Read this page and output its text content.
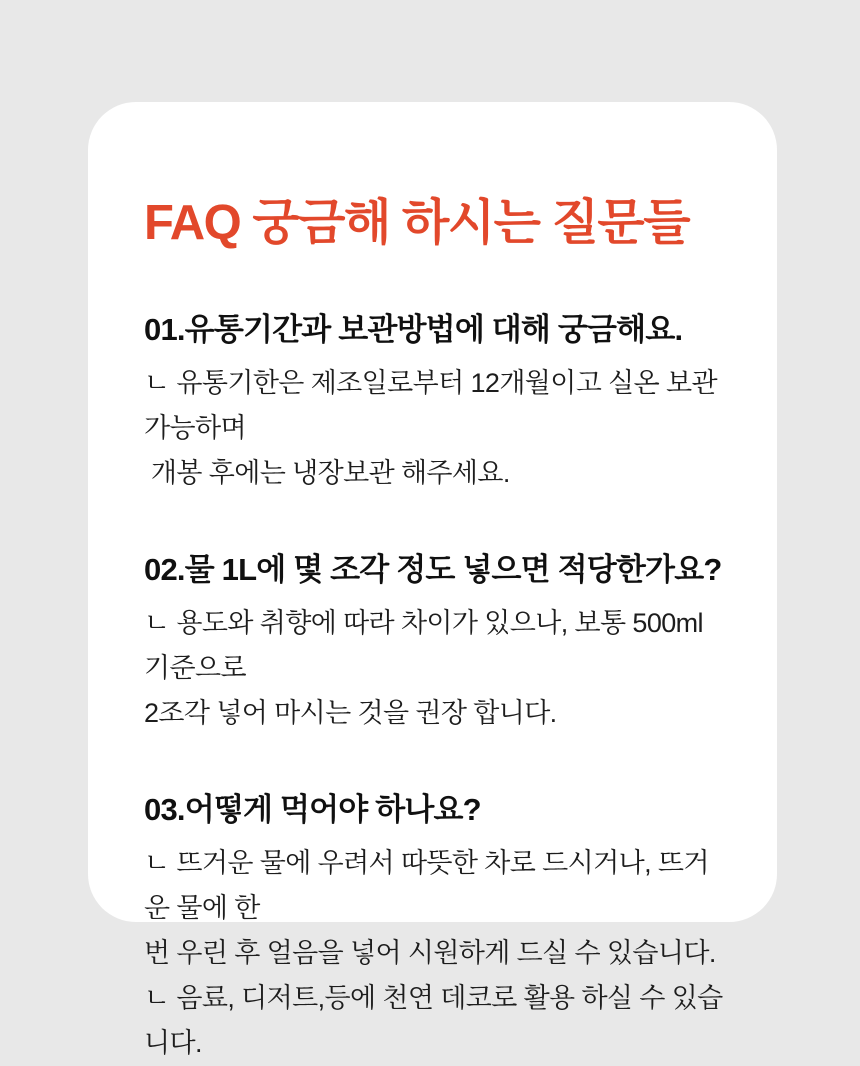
FAQ 궁금해 하시는 질문들
01.유통기간과 보관방법에 대해 궁금해요.
ㄴ 유통기한은 제조일로부터 12개월이고 실온 보관 가능하며
개봉 후에는 냉장보관 해주세요.
02.물 1L에 몇 조각 정도 넣으면 적당한가요?
ㄴ 용도와 취향에 따라 차이가 있으나, 보통 500ml 기준으로
2조각 넣어 마시는 것을 권장 합니다.
03.어떻게 먹어야 하나요?
ㄴ 뜨거운 물에 우려서 따뜻한 차로 드시거나, 뜨거운 물에 한
번 우린 후 얼음을 넣어 시원하게 드실 수 있습니다.
ㄴ 음료, 디저트,등에 천연 데코로 활용 하실 수 있습니다.
